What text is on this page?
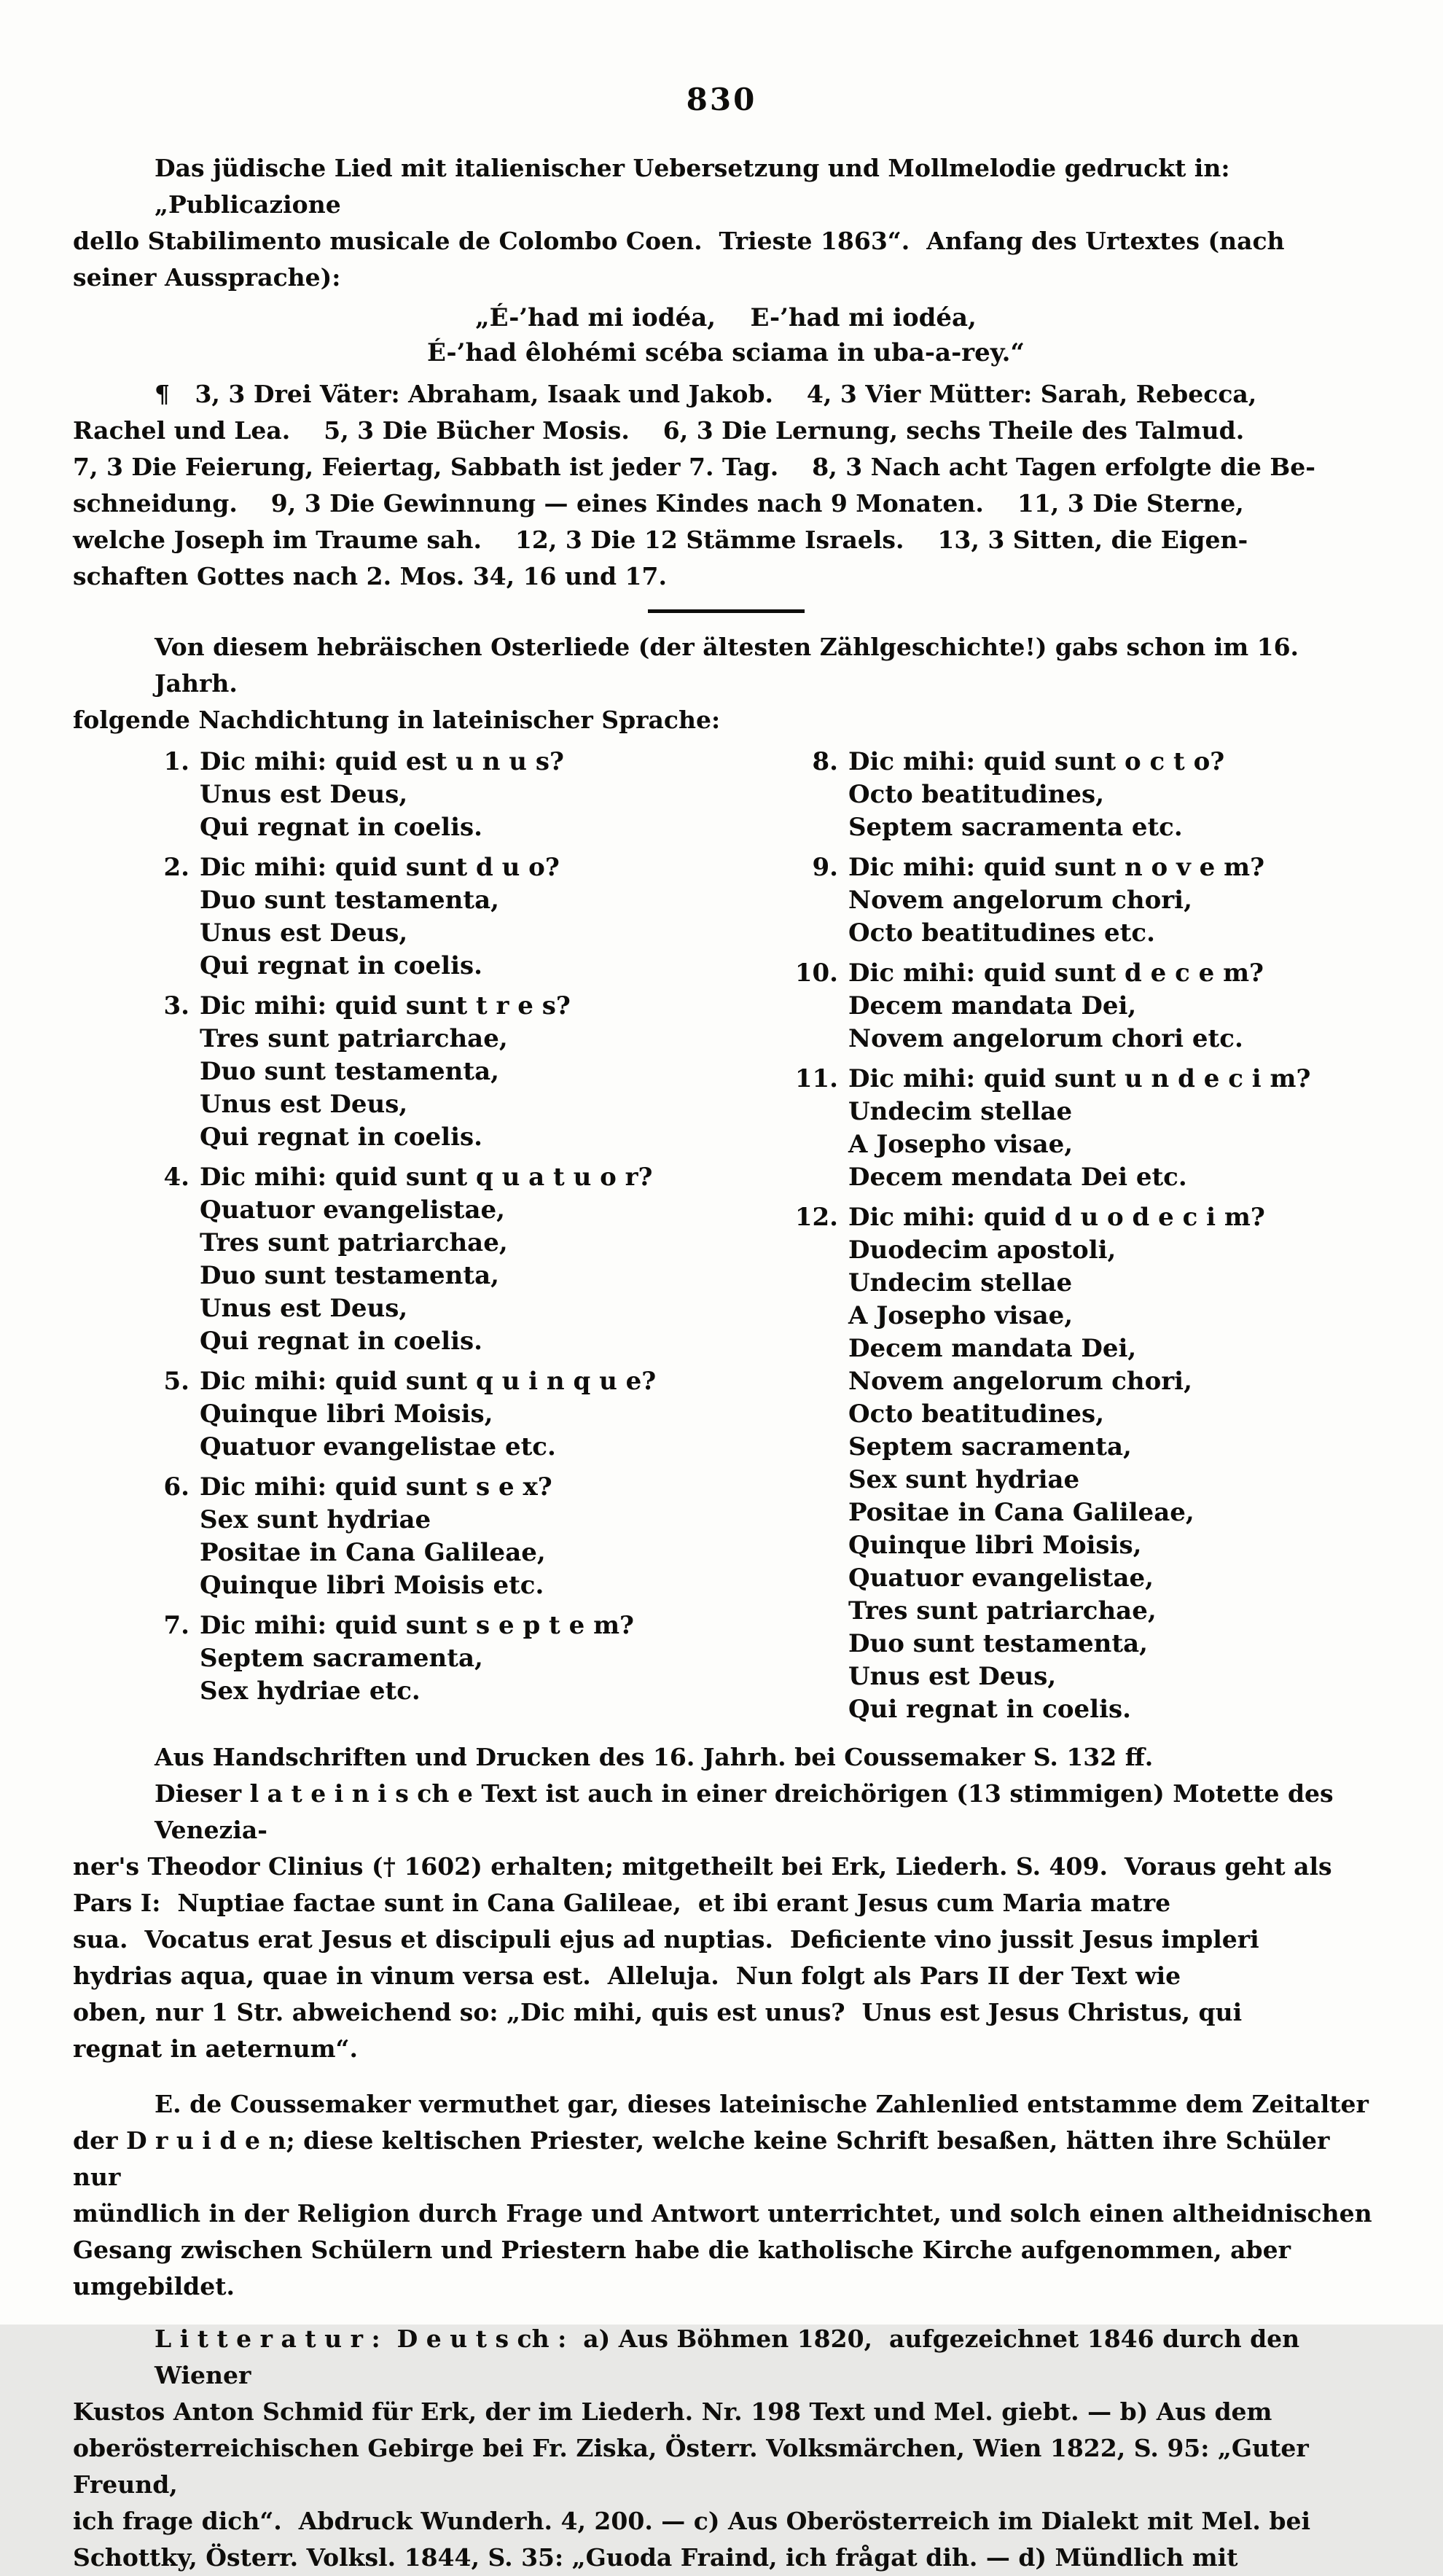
830
Das jüdische Lied mit italienischer Uebersetzung und Mollmelodie gedruckt in: „Publicazione
dello Stabilimento musicale de Colombo Coen.  Trieste 1863“.  Anfang des Urtextes (nach
seiner Aussprache):
„É-’had mi iodéa,    E-’had mi iodéa,
É-’had êlohémi scéba sciama in uba-a-rey.“
¶   3, 3 Drei Väter: Abraham, Isaak und Jakob.    4, 3 Vier Mütter: Sarah, Rebecca,
Rachel und Lea.    5, 3 Die Bücher Mosis.    6, 3 Die Lernung, sechs Theile des Talmud.
7, 3 Die Feierung, Feiertag, Sabbath ist jeder 7. Tag.    8, 3 Nach acht Tagen erfolgte die Be-
schneidung.    9, 3 Die Gewinnung — eines Kindes nach 9 Monaten.    11, 3 Die Sterne,
welche Joseph im Traume sah.    12, 3 Die 12 Stämme Israels.    13, 3 Sitten, die Eigen-
schaften Gottes nach 2. Mos. 34, 16 und 17.
Von diesem hebräischen Osterliede (der ältesten Zählgeschichte!) gabs schon im 16. Jahrh.
folgende Nachdichtung in lateinischer Sprache:
1. Dic mihi: quid est u n u s?
Unus est Deus,
Qui regnat in coelis.
2. Dic mihi: quid sunt d u o?
Duo sunt testamenta,
Unus est Deus,
Qui regnat in coelis.
3. Dic mihi: quid sunt t r e s?
Tres sunt patriarchae,
Duo sunt testamenta,
Unus est Deus,
Qui regnat in coelis.
4. Dic mihi: quid sunt q u a t u o r?
Quatuor evangelistae,
Tres sunt patriarchae,
Duo sunt testamenta,
Unus est Deus,
Qui regnat in coelis.
5. Dic mihi: quid sunt q u i n q u e?
Quinque libri Moisis,
Quatuor evangelistae etc.
6. Dic mihi: quid sunt s e x?
Sex sunt hydriae
Positae in Cana Galileae,
Quinque libri Moisis etc.
7. Dic mihi: quid sunt s e p t e m?
Septem sacramenta,
Sex hydriae etc.
8. Dic mihi: quid sunt o c t o?
Octo beatitudines,
Septem sacramenta etc.
9. Dic mihi: quid sunt n o v e m?
Novem angelorum chori,
Octo beatitudines etc.
10. Dic mihi: quid sunt d e c e m?
Decem mandata Dei,
Novem angelorum chori etc.
11. Dic mihi: quid sunt u n d e c i m?
Undecim stellae
A Josepho visae,
Decem mendata Dei etc.
12. Dic mihi: quid d u o d e c i m?
Duodecim apostoli,
Undecim stellae
A Josepho visae,
Decem mandata Dei,
Novem angelorum chori,
Octo beatitudines,
Septem sacramenta,
Sex sunt hydriae
Positae in Cana Galileae,
Quinque libri Moisis,
Quatuor evangelistae,
Tres sunt patriarchae,
Duo sunt testamenta,
Unus est Deus,
Qui regnat in coelis.
Aus Handschriften und Drucken des 16. Jahrh. bei Coussemaker S. 132 ff.
Dieser l a t e i n i s ch e Text ist auch in einer dreichörigen (13 stimmigen) Motette des Venezia-
ner's Theodor Clinius († 1602) erhalten; mitgetheilt bei Erk, Liederh. S. 409.  Voraus geht als
Pars I:  Nuptiae factae sunt in Cana Galileae,  et ibi erant Jesus cum Maria matre
sua.  Vocatus erat Jesus et discipuli ejus ad nuptias.  Deficiente vino jussit Jesus impleri
hydrias aqua, quae in vinum versa est.  Alleluja.  Nun folgt als Pars II der Text wie
oben, nur 1 Str. abweichend so: „Dic mihi, quis est unus?  Unus est Jesus Christus, qui
regnat in aeternum“.
E. de Coussemaker vermuthet gar, dieses lateinische Zahlenlied entstamme dem Zeitalter
der D r u i d e n; diese keltischen Priester, welche keine Schrift besaßen, hätten ihre Schüler nur
mündlich in der Religion durch Frage und Antwort unterrichtet, und solch einen altheidnischen
Gesang zwischen Schülern und Priestern habe die katholische Kirche aufgenommen, aber umgebildet.
L i t t e r a t u r :  D e u t s ch :  a) Aus Böhmen 1820,  aufgezeichnet 1846 durch den Wiener
Kustos Anton Schmid für Erk, der im Liederh. Nr. 198 Text und Mel. giebt. — b) Aus dem
oberösterreichischen Gebirge bei Fr. Ziska, Österr. Volksmärchen, Wien 1822, S. 95: „Guter Freund,
ich frage dich“.  Abdruck Wunderh. 4, 200. — c) Aus Oberösterreich im Dialekt mit Mel. bei
Schottky, Österr. Volksl. 1844, S. 35: „Guoda Fraind, ich frågat dih. — d) Mündlich mit
